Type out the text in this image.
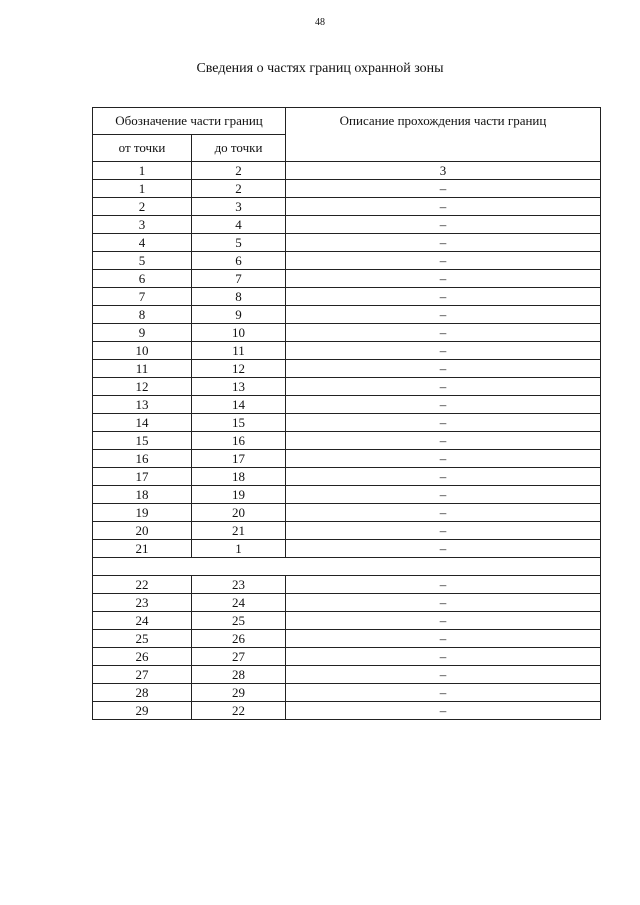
48
Сведения о частях границ охранной зоны
Обозначение части границ		Описание прохождения части границ
от точки	до точки	
1	2	3
1	2	–
2	3	–
3	4	–
4	5	–
5	6	–
6	7	–
7	8	–
8	9	–
9	10	–
10	11	–
11	12	–
12	13	–
13	14	–
14	15	–
15	16	–
16	17	–
17	18	–
18	19	–
19	20	–
20	21	–
21	1	–

22	23	–
23	24	–
24	25	–
25	26	–
26	27	–
27	28	–
28	29	–
29	22	–
